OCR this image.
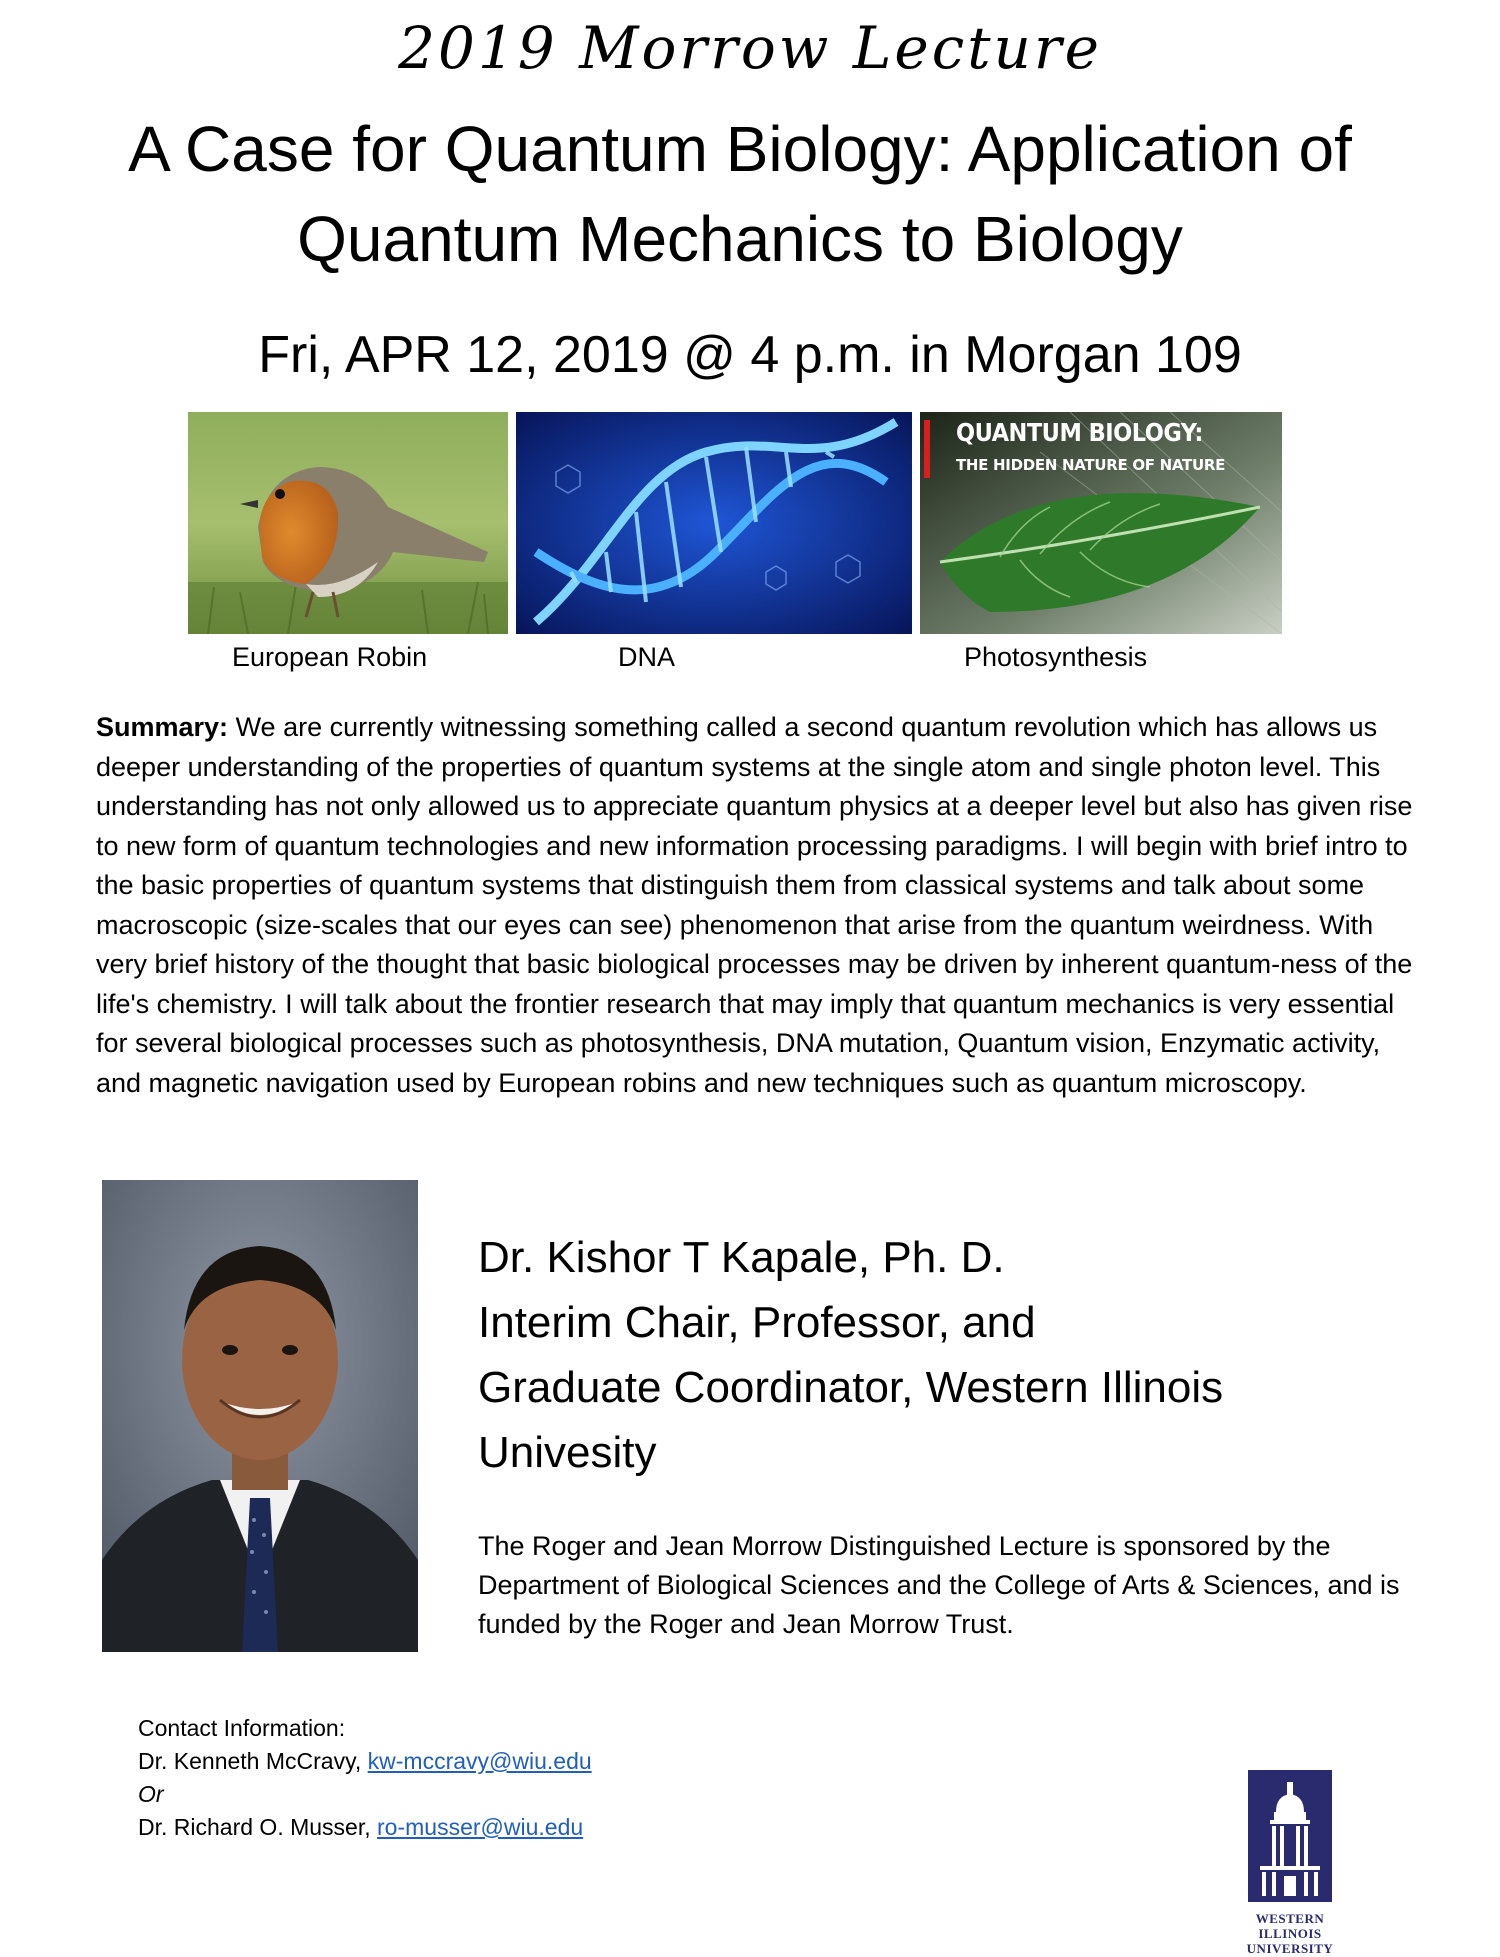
2019 Morrow Lecture
A Case for Quantum Biology: Application of
Quantum Mechanics to Biology
Fri, APR 12, 2019 @ 4 p.m. in Morgan 109
QUANTUM BIOLOGY:
THE HIDDEN NATURE OF NATURE
European Robin	DNA	Photosynthesis
Summary: We are currently witnessing something called a second quantum revolution which has allows us deeper understanding of the properties of quantum systems at the single atom and single photon level. This understanding has not only allowed us to appreciate quantum physics at a deeper level but also has given rise to new form of quantum technologies and new information processing paradigms. I will begin with brief intro to the basic properties of quantum systems that distinguish them from classical systems and talk about some macroscopic (size-scales that our eyes can see) phenomenon that arise from the quantum weirdness. With very brief history of the thought that basic biological processes may be driven by inherent quantum-ness of the life's chemistry. I will talk about the frontier research that may imply that quantum mechanics is very essential for several biological processes such as photosynthesis, DNA mutation, Quantum vision, Enzymatic activity, and magnetic navigation used by European robins and new techniques such as quantum microscopy.
Dr. Kishor T Kapale, Ph. D.
Interim Chair, Professor, and
Graduate Coordinator, Western Illinois
Univesity
The Roger and Jean Morrow Distinguished Lecture is sponsored by the Department of Biological Sciences and the College of Arts & Sciences, and is funded by the Roger and Jean Morrow Trust.
Contact Information:
Dr. Kenneth McCravy, kw-mccravy@wiu.edu
Or
Dr. Richard O. Musser, ro-musser@wiu.edu
WESTERN
ILLINOIS
UNIVERSITY
